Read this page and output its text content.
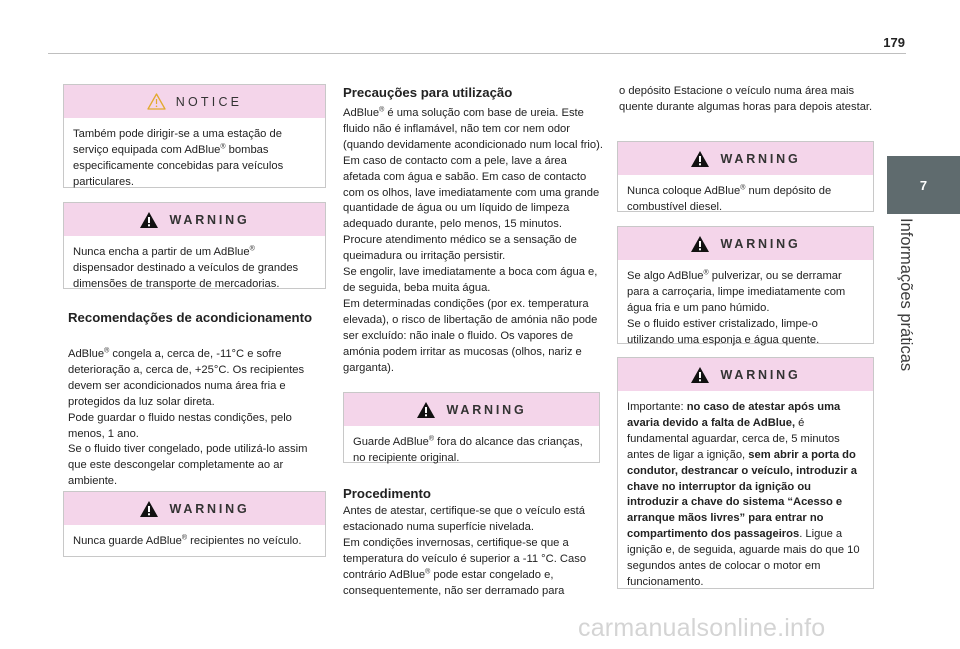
179
7
Informações práticas
NOTICE
Também pode dirigir-se a uma estação de serviço equipada com AdBlue® bombas especificamente concebidas para veículos particulares.
WARNING
Nunca encha a partir de um AdBlue® dispensador destinado a veículos de grandes dimensões de transporte de mercadorias.
Recomendações de acondicionamento
AdBlue® congela a, cerca de, -11°C e sofre deterioração a, cerca de, +25°C. Os recipientes devem ser acondicionados numa área fria e protegidos da luz solar direta.
Pode guardar o fluido nestas condições, pelo menos, 1 ano.
Se o fluido tiver congelado, pode utilizá-lo assim que este descongelar completamente ao ar ambiente.
WARNING
Nunca guarde AdBlue® recipientes no veículo.
Precauções para utilização
AdBlue® é uma solução com base de ureia. Este fluido não é inflamável, não tem cor nem odor (quando devidamente acondicionado num local frio).
Em caso de contacto com a pele, lave a área afetada com água e sabão. Em caso de contacto com os olhos, lave imediatamente com uma grande quantidade de água ou um líquido de limpeza adequado durante, pelo menos, 15 minutos. Procure atendimento médico se a sensação de queimadura ou irritação persistir.
Se engolir, lave imediatamente a boca com água e, de seguida, beba muita água.
Em determinadas condições (por ex. temperatura elevada), o risco de libertação de amónia não pode ser excluído: não inale o fluido. Os vapores de amónia podem irritar as mucosas (olhos, nariz e garganta).
WARNING
Guarde AdBlue® fora do alcance das crianças, no recipiente original.
Procedimento
Antes de atestar, certifique-se que o veículo está estacionado numa superfície nivelada.
Em condições invernosas, certifique-se que a temperatura do veículo é superior a -11 °C. Caso contrário AdBlue® pode estar congelado e, consequentemente, não ser derramado para
o depósito Estacione o veículo numa área mais quente durante algumas horas para depois atestar.
WARNING
Nunca coloque AdBlue® num depósito de combustível diesel.
WARNING
Se algo AdBlue® pulverizar, ou se derramar para a carroçaria, limpe imediatamente com água fria e um pano húmido.
Se o fluido estiver cristalizado, limpe-o utilizando uma esponja e água quente.
WARNING
Importante: no caso de atestar após uma avaria devido a falta de AdBlue, é fundamental aguardar, cerca de, 5 minutos antes de ligar a ignição, sem abrir a porta do condutor, destrancar o veículo, introduzir a chave no interruptor da ignição ou introduzir a chave do sistema “Acesso e arranque mãos livres” para entrar no compartimento dos passageiros. Ligue a ignição e, de seguida, aguarde mais do que 10 segundos antes de colocar o motor em funcionamento.
carmanualsonline.info
